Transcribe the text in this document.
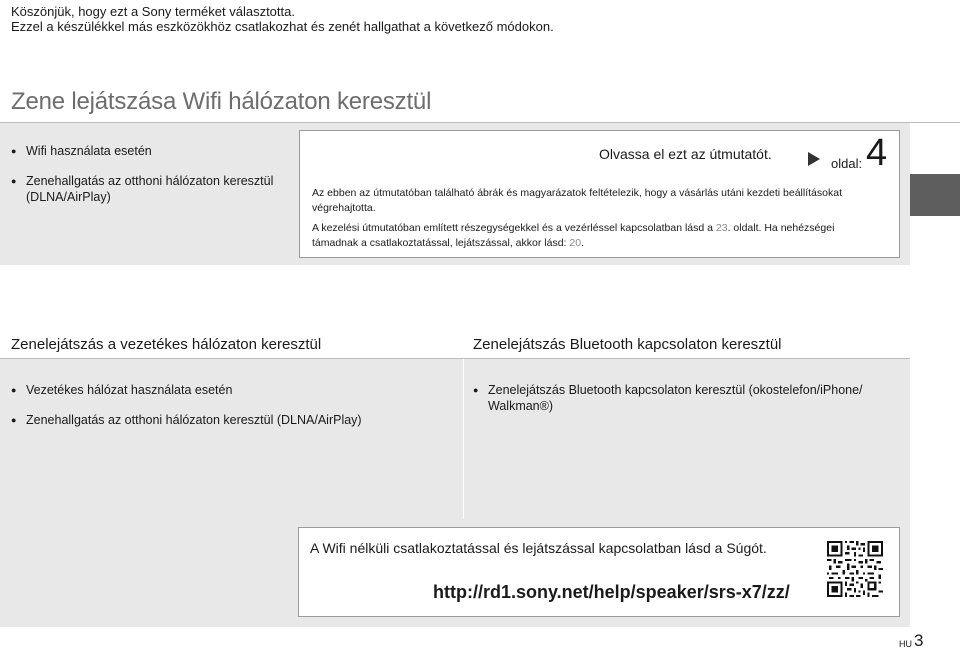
Köszönjük, hogy ezt a Sony terméket választotta.
Ezzel a készülékkel más eszközökhöz csatlakozhat és zenét hallgathat a következő módokon.
Zene lejátszása Wifi hálózaton keresztül
● Wifi használata esetén
● Zenehallgatás az otthoni hálózaton keresztül
(DLNA/AirPlay)
Olvassa el ezt az útmutatót.
oldal: 4
Az ebben az útmutatóban található ábrák és magyarázatok feltételezik, hogy a vásárlás utáni kezdeti beállításokat
végrehajtotta.
A kezelési útmutatóban említett részegységekkel és a vezérléssel kapcsolatban lásd a 23. oldalt. Ha nehézségei
támadnak a csatlakoztatással, lejátszással, akkor lásd: 20.
Zenelejátszás a vezetékes hálózaton keresztül	Zenelejátszás Bluetooth kapcsolaton keresztül
● Vezetékes hálózat használata esetén
● Zenehallgatás az otthoni hálózaton keresztül (DLNA/AirPlay)
● Zenelejátszás Bluetooth kapcsolaton keresztül (okostelefon/iPhone/
Walkman®)
A Wifi nélküli csatlakoztatással és lejátszással kapcsolatban lásd a Súgót.
http://rd1.sony.net/help/speaker/srs-x7/zz/
HU 3
